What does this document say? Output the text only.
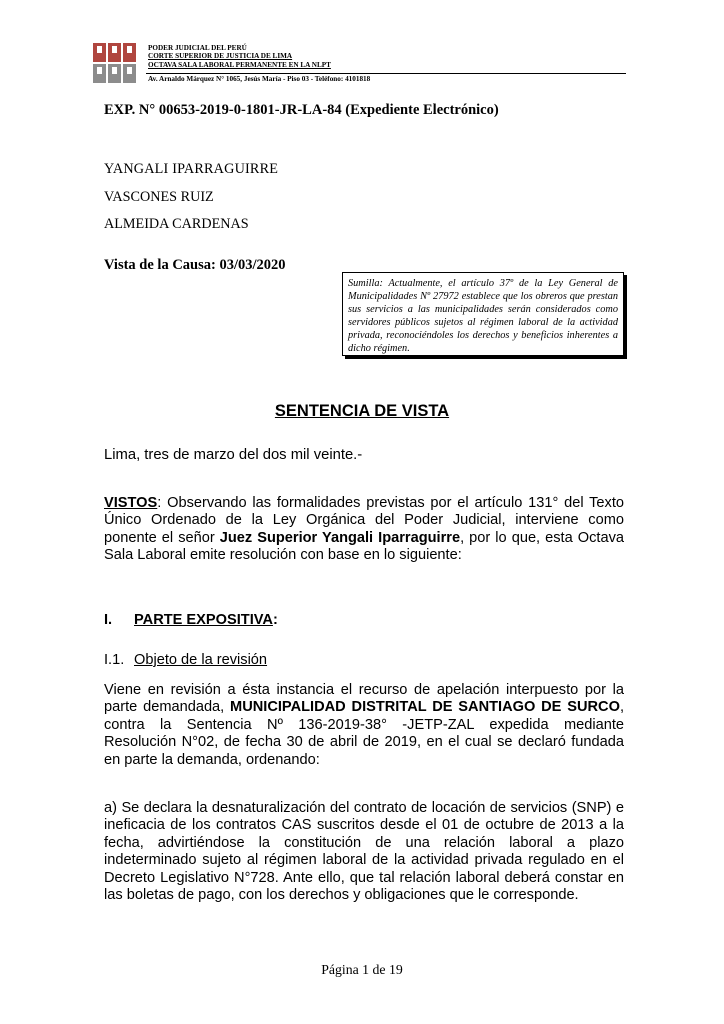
PODER JUDICIAL DEL PERÚ
CORTE SUPERIOR DE JUSTICIA DE LIMA
OCTAVA SALA LABORAL PERMANENTE EN LA NLPT
Av. Arnaldo Márquez N° 1065, Jesús María - Piso 03 - Teléfono: 4101818
EXP. N° 00653-2019-0-1801-JR-LA-84 (Expediente Electrónico)
YANGALI IPARRAGUIRRE
VASCONES RUIZ
ALMEIDA CARDENAS
Vista de la Causa: 03/03/2020
Sumilla: Actualmente, el artículo 37º de la Ley General de Municipalidades Nº 27972 establece que los obreros que prestan sus servicios a las municipalidades serán considerados como servidores públicos sujetos al régimen laboral de la actividad privada, reconociéndoles los derechos y beneficios inherentes a dicho régimen.
SENTENCIA DE VISTA
Lima, tres de marzo del dos mil veinte.-
VISTOS: Observando las formalidades previstas por el artículo 131° del Texto
Único Ordenado de la Ley Orgánica del Poder Judicial, interviene como
ponente el señor Juez Superior Yangali Iparraguirre, por lo que, esta Octava
Sala Laboral emite resolución con base en lo siguiente:
I. PARTE EXPOSITIVA:
I.1. Objeto de la revisión
Viene en revisión a ésta instancia el recurso de apelación interpuesto por la
parte demandada, MUNICIPALIDAD DISTRITAL DE SANTIAGO DE SURCO,
contra la Sentencia Nº 136-2019-38° -JETP-ZAL expedida mediante
Resolución N°02, de fecha 30 de abril de 2019, en el cual se declaró fundada
en parte la demanda, ordenando:
a) Se declara la desnaturalización del contrato de locación de servicios (SNP) e
ineficacia de los contratos CAS suscritos desde el 01 de octubre de 2013 a la
fecha, advirtiéndose la constitución de una relación laboral a plazo
indeterminado sujeto al régimen laboral de la actividad privada regulado en el
Decreto Legislativo N°728. Ante ello, que tal relación laboral deberá constar en
las boletas de pago, con los derechos y obligaciones que le corresponde.
Página 1 de 19
